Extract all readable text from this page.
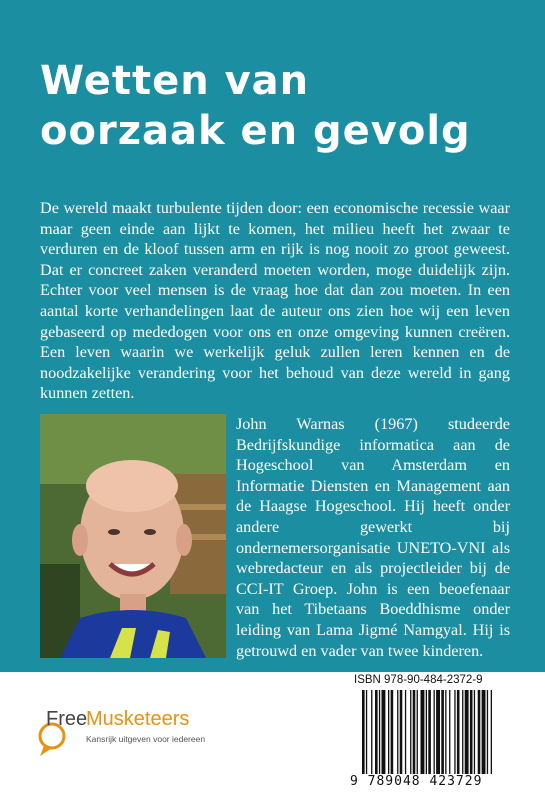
Wetten van
oorzaak en gevolg

De wereld maakt turbulente tijden door: een economische recessie waar maar geen einde aan lijkt te komen, het milieu heeft het zwaar te verduren en de kloof tussen arm en rijk is nog nooit zo groot geweest. Dat er concreet zaken veranderd moeten worden, moge duidelijk zijn. Echter voor veel mensen is de vraag hoe dat dan zou moeten. In een aantal korte verhandelingen laat de auteur ons zien hoe wij een leven gebaseerd op mededogen voor ons en onze omgeving kunnen creëren. Een leven waarin we werkelijk geluk zullen leren kennen en de noodzakelijke verandering voor het behoud van deze wereld in gang kunnen zetten.

John Warnas (1967) studeerde Bedrijfskundige informatica aan de Hogeschool van Amsterdam en Informatie Diensten en Management aan de Haagse Hogeschool. Hij heeft onder andere gewerkt bij ondernemersorganisatie UNETO-VNI als webredacteur en als projectleider bij de CCI-IT Groep. John is een beoefenaar van het Tibetaans Boeddhisme onder leiding van Lama Jigmé Namgyal. Hij is getrouwd en vader van twee kinderen.

Free
Musketeers
Kansrijk uitgeven voor iedereen
ISBN 978-90-484-2372-9
9 789048 423729
